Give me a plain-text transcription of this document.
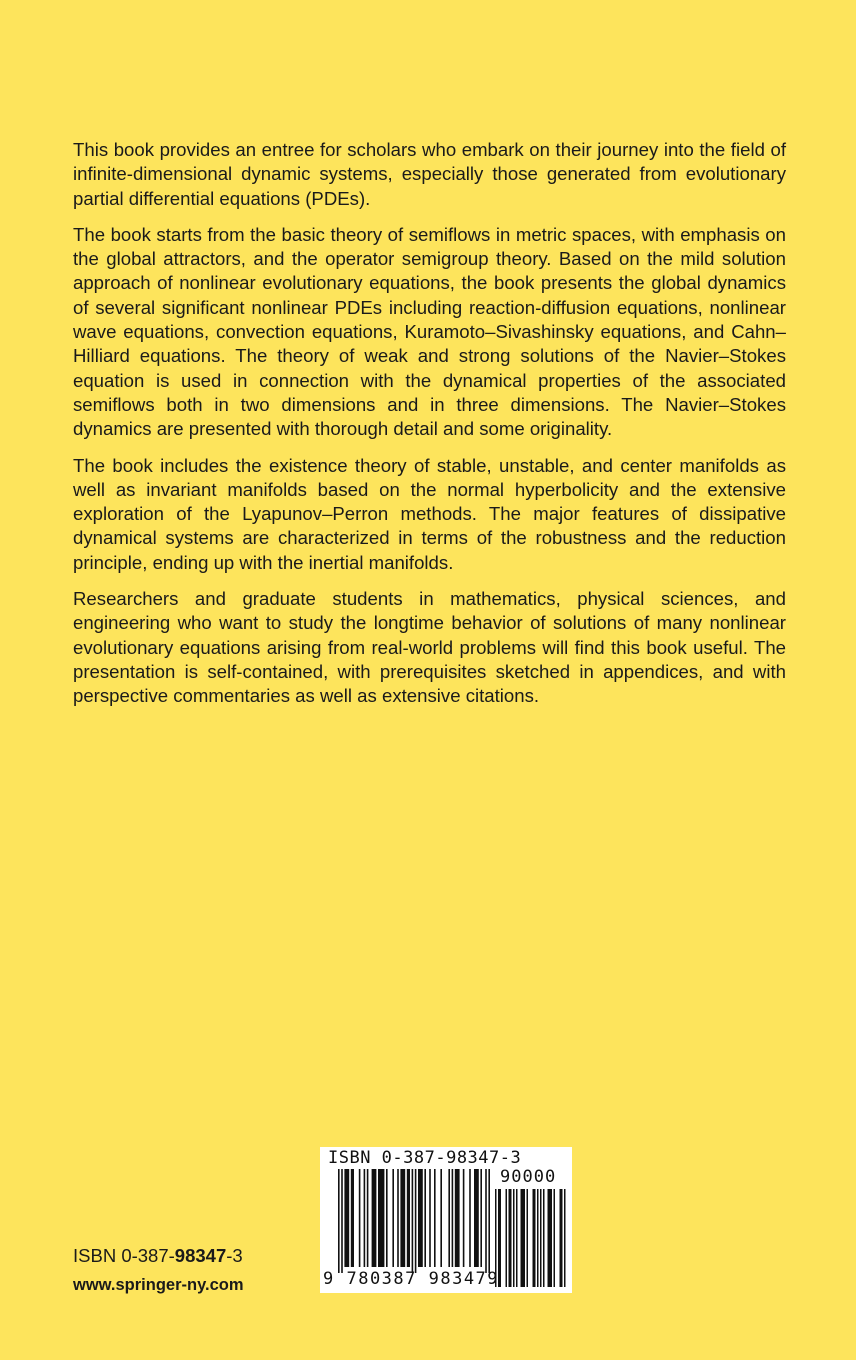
This book provides an entree for scholars who embark on their journey into the field of infinite-dimensional dynamic systems, especially those generated from evolutionary partial differential equations (PDEs).

The book starts from the basic theory of semiflows in metric spaces, with emphasis on the global attractors, and the operator semigroup theory. Based on the mild solution approach of nonlinear evolutionary equations, the book presents the global dynamics of several significant nonlinear PDEs including reaction-diffusion equations, nonlinear wave equations, convection equations, Kuramoto–Sivashinsky equations, and Cahn–Hilliard equations. The theory of weak and strong solutions of the Navier–Stokes equation is used in connection with the dynamical properties of the associated semiflows both in two dimensions and in three dimensions. The Navier–Stokes dynamics are presented with thorough detail and some originality.

The book includes the existence theory of stable, unstable, and center manifolds as well as invariant manifolds based on the normal hyperbolicity and the extensive exploration of the Lyapunov–Perron methods. The major features of dissipative dynamical systems are characterized in terms of the robustness and the reduction principle, ending up with the inertial manifolds.

Researchers and graduate students in mathematics, physical sciences, and engineering who want to study the longtime behavior of solutions of many nonlinear evolutionary equations arising from real-world problems will find this book useful. The presentation is self-contained, with prerequisites sketched in appendices, and with perspective commentaries as well as extensive citations.

ISBN 0-387-98347-3
www.springer-ny.com
ISBN 0-387-98347-3
90000
9 780387 983479
